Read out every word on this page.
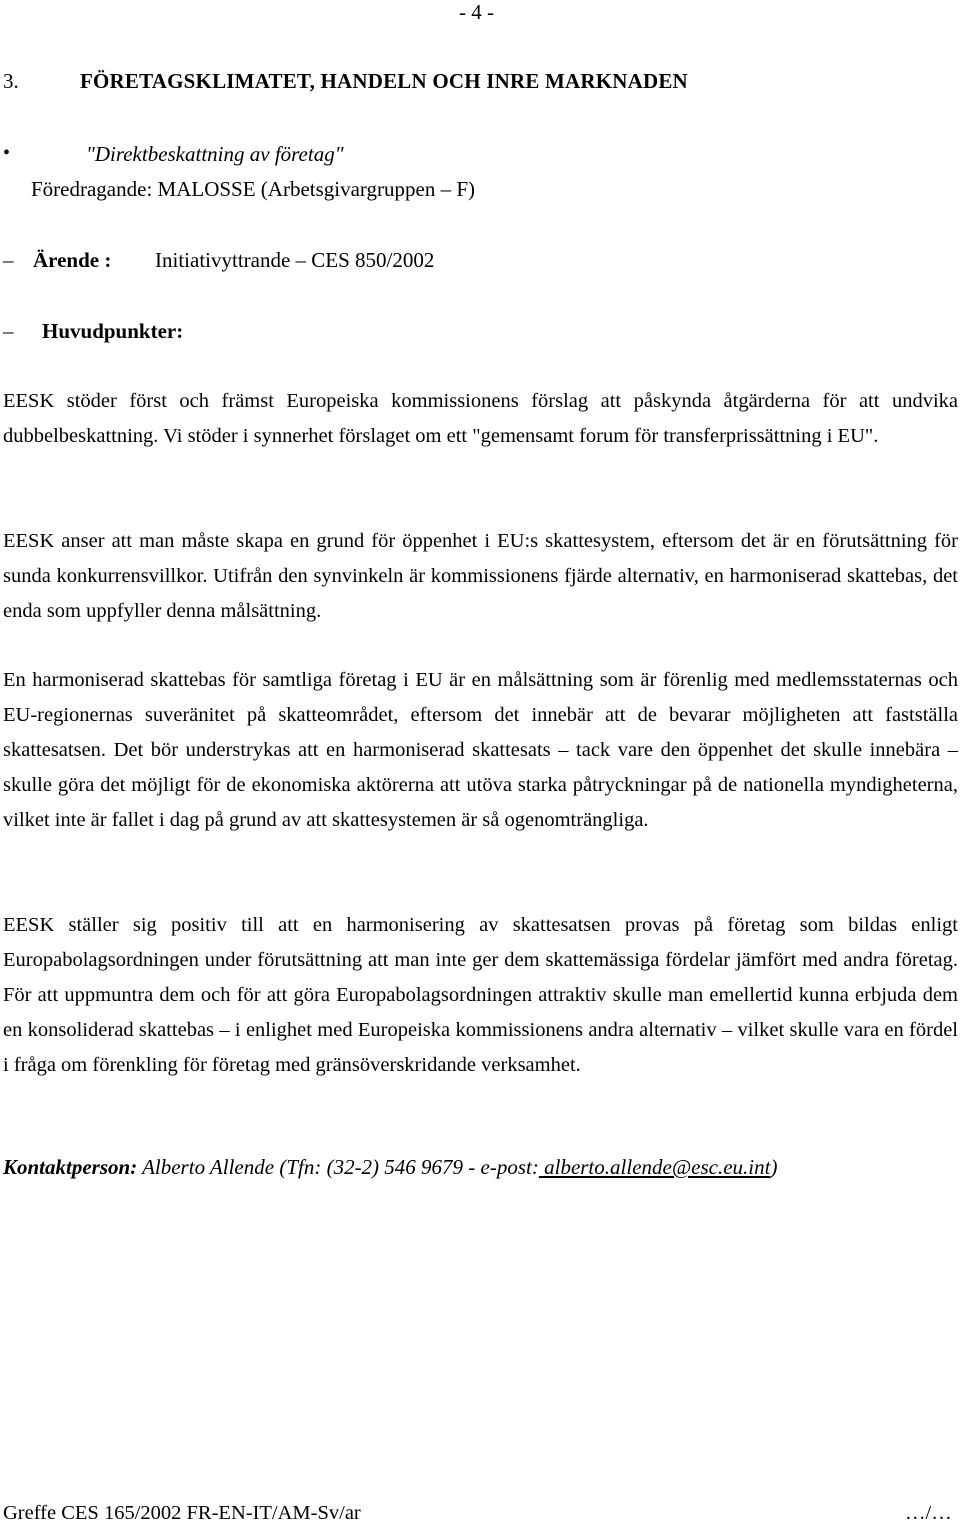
- 4 -
3.	FÖRETAGSKLIMATET, HANDELN OCH INRE MARKNADEN
•	"Direktbeskattning av företag"
Föredragande: MALOSSE (Arbetsgivargruppen – F)
– Ärende : Initiativyttrande – CES 850/2002
– Huvudpunkter:

EESK stöder först och främst Europeiska kommissionens förslag att påskynda åtgärderna för att undvika dubbelbeskattning. Vi stöder i synnerhet förslaget om ett "gemensamt forum för transferprissättning i EU".

EESK anser att man måste skapa en grund för öppenhet i EU:s skattesystem, eftersom det är en förutsättning för sunda konkurrensvillkor. Utifrån den synvinkeln är kommissionens fjärde alternativ, en harmoniserad skattebas, det enda som uppfyller denna målsättning.

En harmoniserad skattebas för samtliga företag i EU är en målsättning som är förenlig med medlemsstaternas och EU-regionernas suveränitet på skatteområdet, eftersom det innebär att de bevarar möjligheten att fastställa skattesatsen. Det bör understrykas att en harmoniserad skattesats – tack vare den öppenhet det skulle innebära – skulle göra det möjligt för de ekonomiska aktörerna att utöva starka påtryckningar på de nationella myndigheterna, vilket inte är fallet i dag på grund av att skattesystemen är så ogenomträngliga.

EESK ställer sig positiv till att en harmonisering av skattesatsen provas på företag som bildas enligt Europabolagsordningen under förutsättning att man inte ger dem skattemässiga fördelar jämfört med andra företag. För att uppmuntra dem och för att göra Europabolagsordningen attraktiv skulle man emellertid kunna erbjuda dem en konsoliderad skattebas – i enlighet med Europeiska kommissionens andra alternativ – vilket skulle vara en fördel i fråga om förenkling för företag med gränsöverskridande verksamhet.

Kontaktperson: Alberto Allende (Tfn: (32-2) 546 9679 - e-post: alberto.allende@esc.eu.int)
Greffe CES 165/2002 FR-EN-IT/AM-Sv/ar	…/…
